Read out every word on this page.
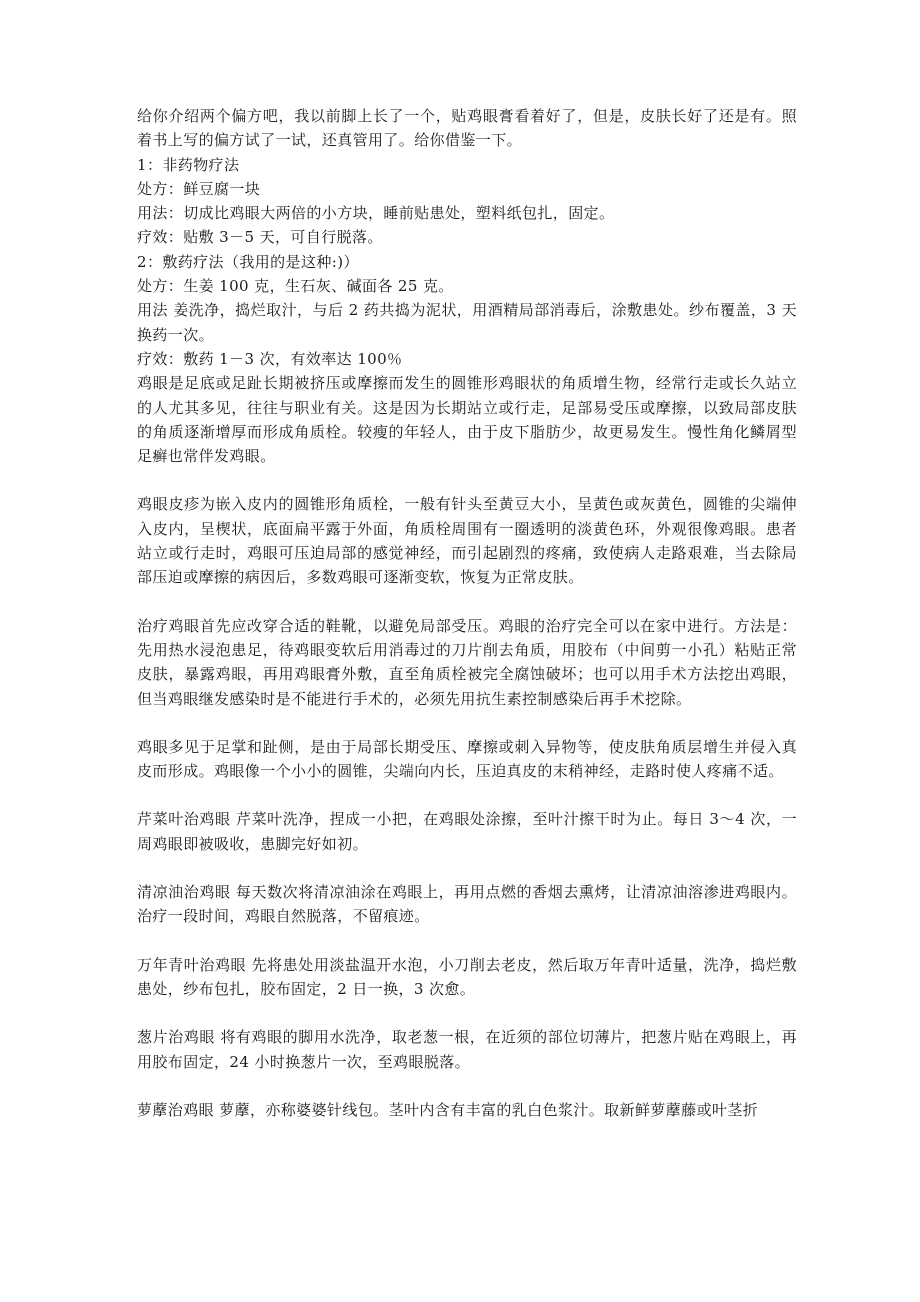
给你介绍两个偏方吧，我以前脚上长了一个，贴鸡眼膏看着好了，但是，皮肤长好了还是有。照着书上写的偏方试了一试，还真管用了。给你借鉴一下。

1：非药物疗法

处方：鲜豆腐一块

用法：切成比鸡眼大两倍的小方块，睡前贴患处，塑料纸包扎，固定。

疗效：贴敷 3－5 天，可自行脱落。

2：敷药疗法（我用的是这种:)）

处方：生姜 100 克，生石灰、碱面各 25 克。

用法 姜洗净，捣烂取汁，与后 2 药共捣为泥状，用酒精局部消毒后，涂敷患处。纱布覆盖，3 天换药一次。

疗效：敷药 1－3 次，有效率达 100％

鸡眼是足底或足趾长期被挤压或摩擦而发生的圆锥形鸡眼状的角质增生物，经常行走或长久站立的人尤其多见，往往与职业有关。这是因为长期站立或行走，足部易受压或摩擦，以致局部皮肤的角质逐渐增厚而形成角质栓。较瘦的年轻人，由于皮下脂肪少，故更易发生。慢性角化鳞屑型足癣也常伴发鸡眼。

鸡眼皮疹为嵌入皮内的圆锥形角质栓，一般有针头至黄豆大小，呈黄色或灰黄色，圆锥的尖端伸入皮内，呈楔状，底面扁平露于外面，角质栓周围有一圈透明的淡黄色环，外观很像鸡眼。患者站立或行走时，鸡眼可压迫局部的感觉神经，而引起剧烈的疼痛，致使病人走路艰难，当去除局部压迫或摩擦的病因后，多数鸡眼可逐渐变软，恢复为正常皮肤。

治疗鸡眼首先应改穿合适的鞋靴，以避免局部受压。鸡眼的治疗完全可以在家中进行。方法是：先用热水浸泡患足，待鸡眼变软后用消毒过的刀片削去角质，用胶布（中间剪一小孔）粘贴正常皮肤，暴露鸡眼，再用鸡眼膏外敷，直至角质栓被完全腐蚀破坏；也可以用手术方法挖出鸡眼，但当鸡眼继发感染时是不能进行手术的，必须先用抗生素控制感染后再手术挖除。

鸡眼多见于足掌和趾侧，是由于局部长期受压、摩擦或刺入异物等，使皮肤角质层增生并侵入真皮而形成。鸡眼像一个小小的圆锥，尖端向内长，压迫真皮的末稍神经，走路时使人疼痛不适。

芹菜叶治鸡眼 芹菜叶洗净，捏成一小把，在鸡眼处涂擦，至叶汁擦干时为止。每日 3～4 次，一周鸡眼即被吸收，患脚完好如初。

清凉油治鸡眼 每天数次将清凉油涂在鸡眼上，再用点燃的香烟去熏烤，让清凉油溶渗进鸡眼内。治疗一段时间，鸡眼自然脱落，不留痕迹。

万年青叶治鸡眼 先将患处用淡盐温开水泡，小刀削去老皮，然后取万年青叶适量，洗净，捣烂敷患处，纱布包扎，胶布固定，2 日一换，3 次愈。

葱片治鸡眼 将有鸡眼的脚用水洗净，取老葱一根，在近须的部位切薄片，把葱片贴在鸡眼上，再用胶布固定，24 小时换葱片一次，至鸡眼脱落。

萝藦治鸡眼 萝藦，亦称婆婆针线包。茎叶内含有丰富的乳白色浆汁。取新鲜萝藦藤或叶茎折
